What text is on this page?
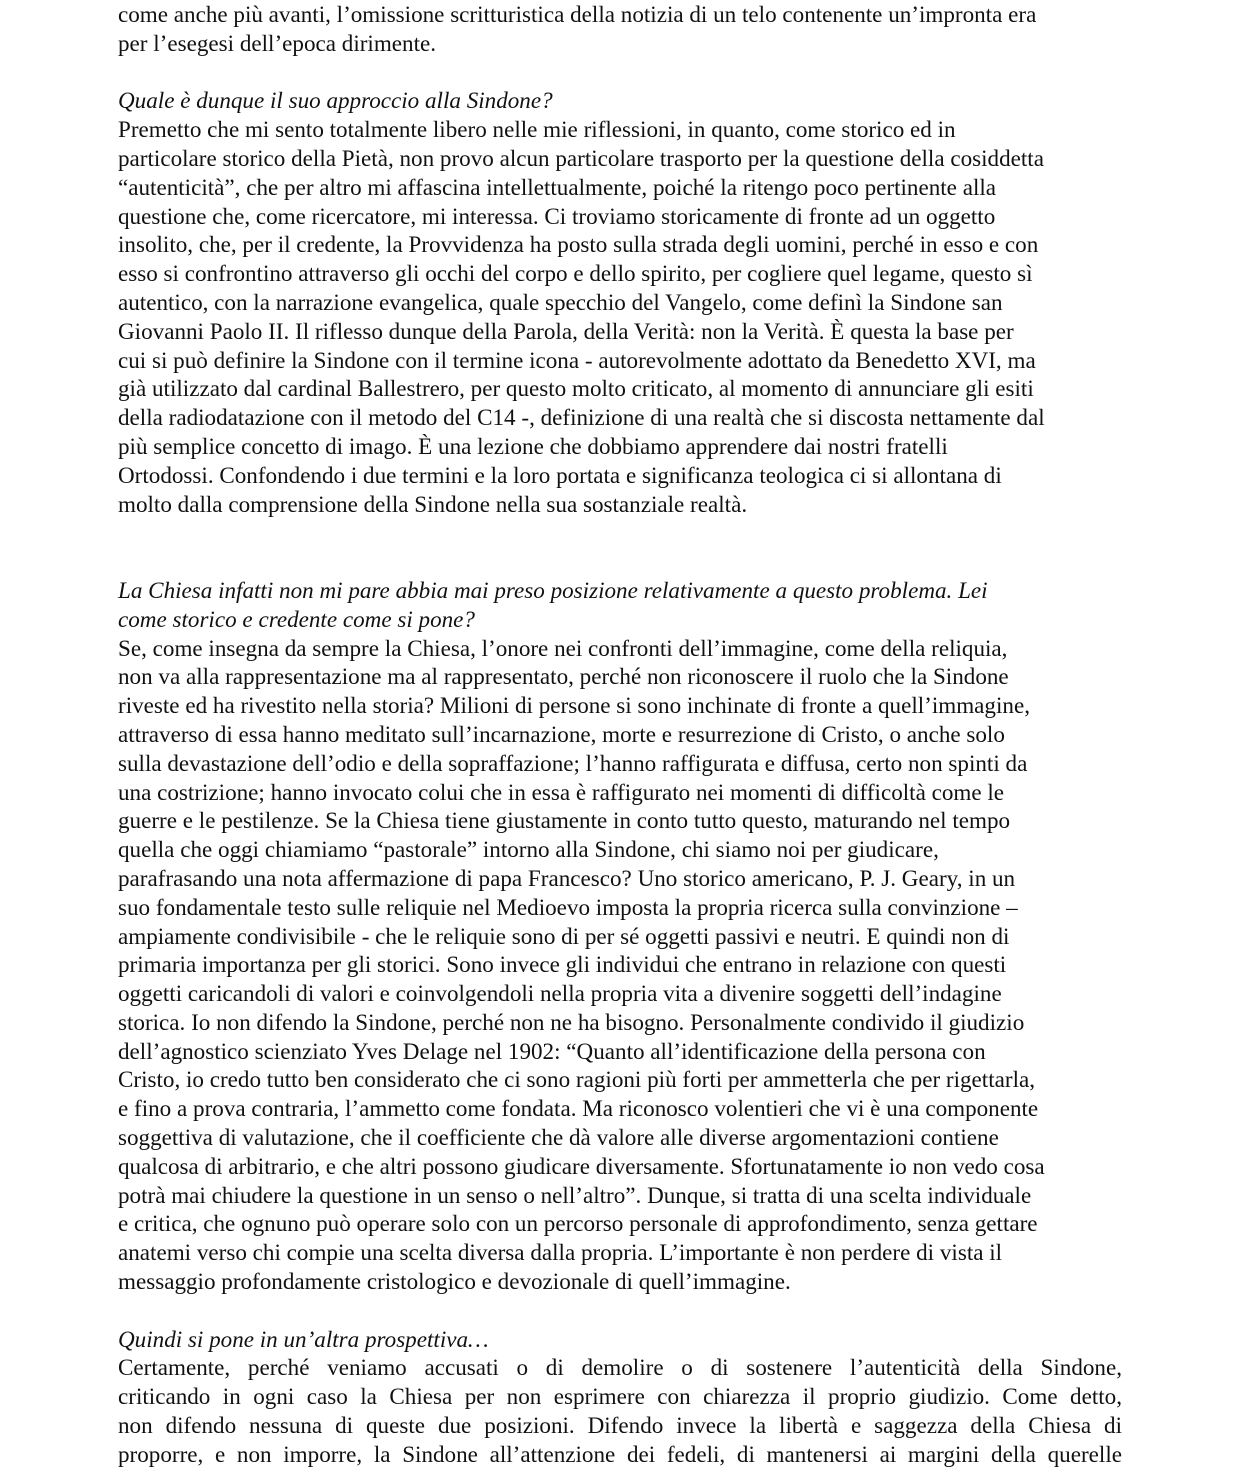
come anche più avanti, l’omissione scritturistica della notizia di un telo contenente un’impronta era
per l’esegesi dell’epoca dirimente.
Quale è dunque il suo approccio alla Sindone?
Premetto che mi sento totalmente libero nelle mie riflessioni, in quanto, come storico ed in
particolare storico della Pietà, non provo alcun particolare trasporto per la questione della cosiddetta
“autenticità”, che per altro mi affascina intellettualmente, poiché la ritengo poco pertinente alla
questione che, come ricercatore, mi interessa. Ci troviamo storicamente di fronte ad un oggetto
insolito, che, per il credente, la Provvidenza ha posto sulla strada degli uomini, perché in esso e con
esso si confrontino attraverso gli occhi del corpo e dello spirito, per cogliere quel legame, questo sì
autentico, con la narrazione evangelica, quale specchio del Vangelo, come definì la Sindone san
Giovanni Paolo II. Il riflesso dunque della Parola, della Verità: non la Verità. È questa la base per
cui si può definire la Sindone con il termine icona - autorevolmente adottato da Benedetto XVI, ma
già utilizzato dal cardinal Ballestrero, per questo molto criticato, al momento di annunciare gli esiti
della radiodatazione con il metodo del C14 -, definizione di una realtà che si discosta nettamente dal
più semplice concetto di imago. È una lezione che dobbiamo apprendere dai nostri fratelli
Ortodossi. Confondendo i due termini e la loro portata e significanza teologica ci si allontana di
molto dalla comprensione della Sindone nella sua sostanziale realtà.
La Chiesa infatti non mi pare abbia mai preso posizione relativamente a questo problema. Lei
come storico e credente come si pone?
Se, come insegna da sempre la Chiesa, l’onore nei confronti dell’immagine, come della reliquia,
non va alla rappresentazione ma al rappresentato, perché non riconoscere il ruolo che la Sindone
riveste ed ha rivestito nella storia? Milioni di persone si sono inchinate di fronte a quell’immagine,
attraverso di essa hanno meditato sull’incarnazione, morte e resurrezione di Cristo, o anche solo
sulla devastazione dell’odio e della sopraffazione; l’hanno raffigurata e diffusa, certo non spinti da
una costrizione; hanno invocato colui che in essa è raffigurato nei momenti di difficoltà come le
guerre e le pestilenze. Se la Chiesa tiene giustamente in conto tutto questo, maturando nel tempo
quella che oggi chiamiamo “pastorale” intorno alla Sindone, chi siamo noi per giudicare,
parafrasando una nota affermazione di papa Francesco? Uno storico americano, P. J. Geary, in un
suo fondamentale testo sulle reliquie nel Medioevo imposta la propria ricerca sulla convinzione –
ampiamente condivisibile - che le reliquie sono di per sé oggetti passivi e neutri. E quindi non di
primaria importanza per gli storici. Sono invece gli individui che entrano in relazione con questi
oggetti caricandoli di valori e coinvolgendoli nella propria vita a divenire soggetti dell’indagine
storica. Io non difendo la Sindone, perché non ne ha bisogno. Personalmente condivido il giudizio
dell’agnostico scienziato Yves Delage nel 1902: “Quanto all’identificazione della persona con
Cristo, io credo tutto ben considerato che ci sono ragioni più forti per ammetterla che per rigettarla,
e fino a prova contraria, l’ammetto come fondata. Ma riconosco volentieri che vi è una componente
soggettiva di valutazione, che il coefficiente che dà valore alle diverse argomentazioni contiene
qualcosa di arbitrario, e che altri possono giudicare diversamente. Sfortunatamente io non vedo cosa
potrà mai chiudere la questione in un senso o nell’altro”. Dunque, si tratta di una scelta individuale
e critica, che ognuno può operare solo con un percorso personale di approfondimento, senza gettare
anatemi verso chi compie una scelta diversa dalla propria. L’importante è non perdere di vista il
messaggio profondamente cristologico e devozionale di quell’immagine.
Quindi si pone in un’altra prospettiva…
Certamente, perché veniamo accusati o di demolire o di sostenere l’autenticità della Sindone,
criticando in ogni caso la Chiesa per non esprimere con chiarezza il proprio giudizio. Come detto,
non difendo nessuna di queste due posizioni. Difendo invece la libertà e saggezza della Chiesa di
proporre, e non imporre, la Sindone all’attenzione dei fedeli, di mantenersi ai margini della querelle
